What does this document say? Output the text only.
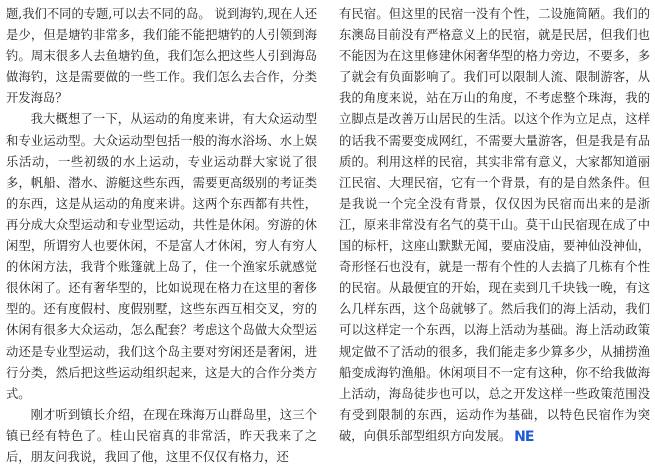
题,我们不同的专题,可以去不同的岛。 说到海钓,现在人还是少，但是塘钓非常多，我们能不能把塘钓的人引领到海钓。周末很多人去鱼塘钓鱼，我们怎么把这些人引到海岛做海钓，这是需要做的一些工作。我们怎么去合作，分类开发海岛？

我大概想了一下，从运动的角度来讲，有大众运动型和专业运动型。大众运动型包括一般的海水浴场、水上娱乐活动，一些初级的水上运动，专业运动群大家说了很多，帆船、潜水、游艇这些东西，需要更高级别的考证类的东西，这是从运动的角度来讲。这两个东西都有共性，再分成大众型运动和专业型运动，共性是休闲。穷游的休闲型，所谓穷人也要休闲，不是富人才休闲，穷人有穷人的休闲方法，我背个账篷就上岛了，住一个渔家乐就感觉很休闲了。还有奢华型的，比如说现在格力在这里的奢侈型的。还有度假村、度假别墅，这些东西互相交叉，穷的休闲有很多大众运动，怎么配套？考虑这个岛做大众型运动还是专业型运动，我们这个岛主要对穷闲还是奢闲，进行分类，然后把这些运动组织起来，这是大的合作分类方式。

刚才听到镇长介绍，在现在珠海万山群岛里，这三个镇已经有特色了。桂山民宿真的非常活，昨天我来了之后，朋友问我说，我回了他，这里不仅仅有格力，还

有民宿。但这里的民宿一没有个性，二设施简陋。我们的东澳岛目前没有严格意义上的民宿，就是民居，但我们也不能因为在这里修建休闲奢华型的格力旁边，不要多，多了就会有负面影响了。我们可以限制人流、限制游客，从我的角度来说，站在万山的角度，不考虑整个珠海，我的立脚点是改善万山居民的生活。以这个作为立足点，这样的话我不需要变成网红，不需要大量游客，但是我是有品质的。利用这样的民宿，其实非常有意义，大家都知道丽江民宿、大理民宿，它有一个背景，有的是自然条件。但是我说一个完全没有背景，仅仅因为民宿而出来的是浙江，原来非常没有名气的莫干山。莫干山民宿现在成了中国的标杆，这座山默默无闻，要庙没庙，要神仙没神仙，奇形怪石也没有，就是一帮有个性的人去搞了几栋有个性的民宿。从最便宜的开始，现在卖到几千块钱一晚，有这么几样东西，这个岛就够了。然后我们的海上活动，我们可以这样定一个东西，以海上活动为基础。海上活动政策规定做不了活动的很多，我们能走多少算多少，从捕捞渔船变成海钓渔船。休闲项目不一定有这种，你不给我做海上活动，海岛徒步也可以，总之开发这样一些政策范围没有受到限制的东西，运动作为基础，以特色民宿作为突破，向俱乐部型组织方向发展。 NE
